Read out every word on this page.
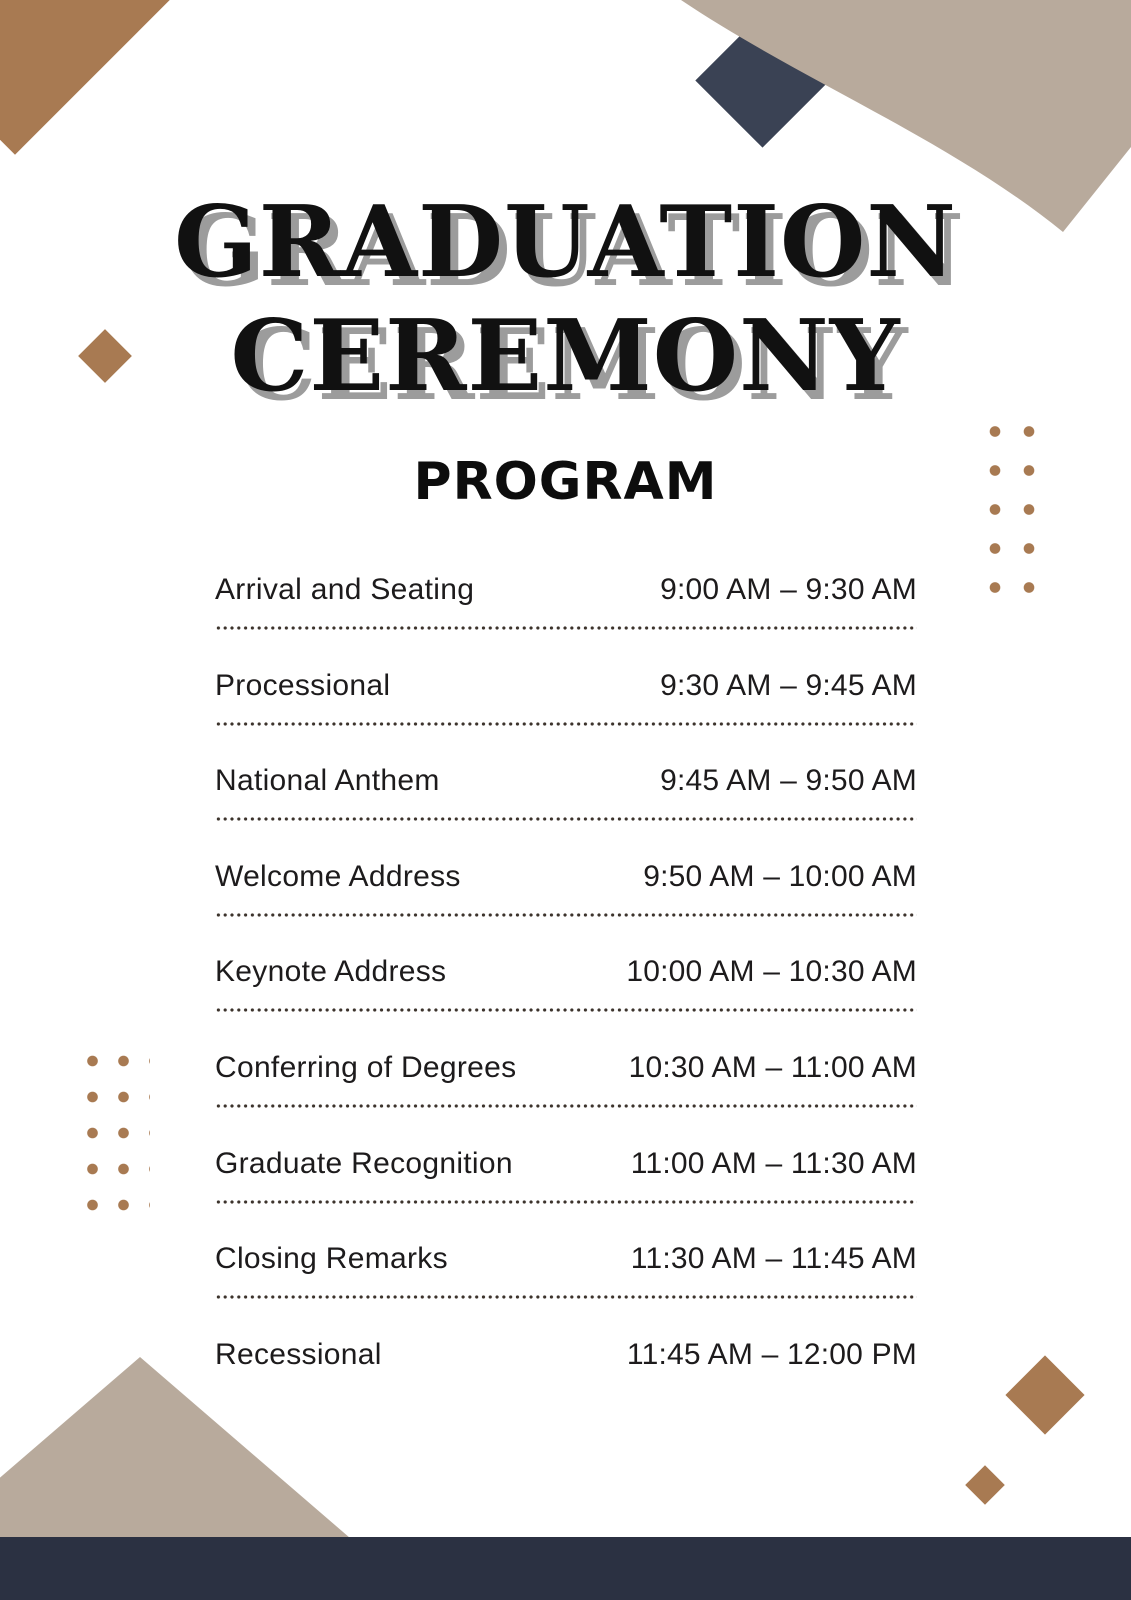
GRADUATION
CEREMONY
PROGRAM
Arrival and Seating	9:00 AM – 9:30 AM
Processional	9:30 AM – 9:45 AM
National Anthem	9:45 AM – 9:50 AM
Welcome Address	9:50 AM – 10:00 AM
Keynote Address	10:00 AM – 10:30 AM
Conferring of Degrees	10:30 AM – 11:00 AM
Graduate Recognition	11:00 AM – 11:30 AM
Closing Remarks	11:30 AM – 11:45 AM
Recessional	11:45 AM – 12:00 PM
